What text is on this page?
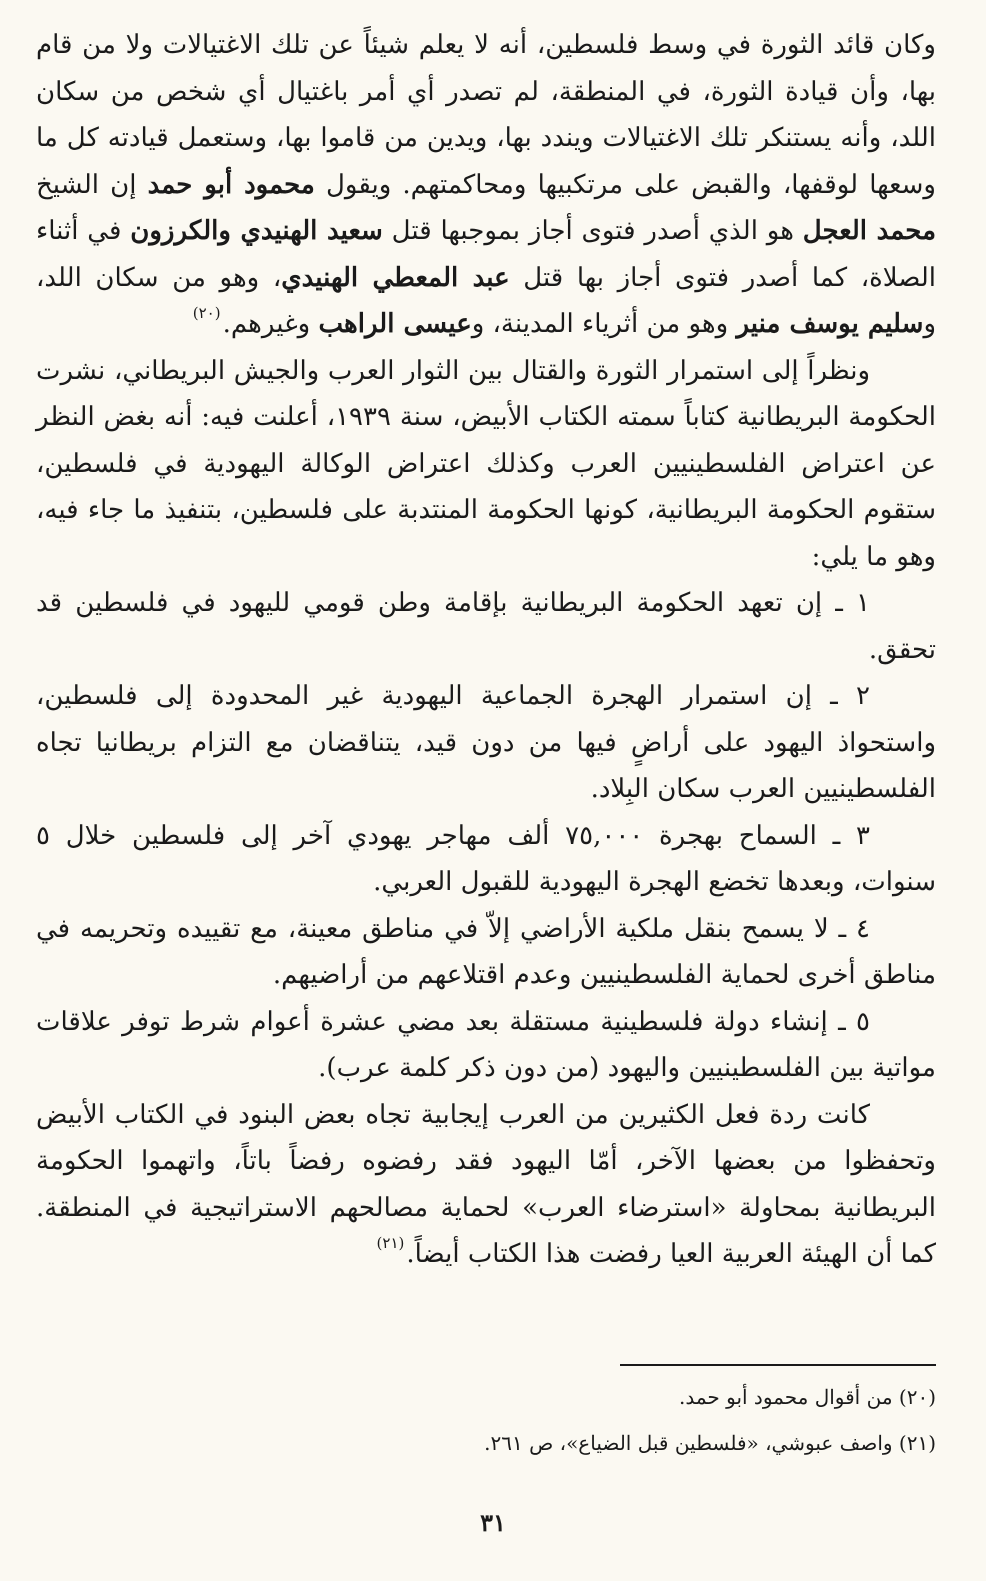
وكان قائد الثورة في وسط فلسطين، أنه لا يعلم شيئاً عن تلك الاغتيالات ولا من قام بها، وأن قيادة الثورة، في المنطقة، لم تصدر أي أمر باغتيال أي شخص من سكان اللد، وأنه يستنكر تلك الاغتيالات ويندد بها، ويدين من قاموا بها، وستعمل قيادته كل ما وسعها لوقفها، والقبض على مرتكبيها ومحاكمتهم. ويقول محمود أبو حمد إن الشيخ محمد العجل هو الذي أصدر فتوى أجاز بموجبها قتل سعيد الهنيدي والكرزون في أثناء الصلاة، كما أصدر فتوى أجاز بها قتل عبد المعطي الهنيدي، وهو من سكان اللد، وسليم يوسف منير وهو من أثرياء المدينة، وعيسى الراهب وغيرهم.$^{(٢٠)}$

ونظراً إلى استمرار الثورة والقتال بين الثوار العرب والجيش البريطاني، نشرت الحكومة البريطانية كتاباً سمته الكتاب الأبيض، سنة ١٩٣٩، أعلنت فيه: أنه بغض النظر عن اعتراض الفلسطينيين العرب وكذلك اعتراض الوكالة اليهودية في فلسطين، ستقوم الحكومة البريطانية، كونها الحكومة المنتدبة على فلسطين، بتنفيذ ما جاء فيه، وهو ما يلي:

١ ـ إن تعهد الحكومة البريطانية بإقامة وطن قومي لليهود في فلسطين قد تحقق.

٢ ـ إن استمرار الهجرة الجماعية اليهودية غير المحدودة إلى فلسطين، واستحواذ اليهود على أراضٍ فيها من دون قيد، يتناقضان مع التزام بريطانيا تجاه الفلسطينيين العرب سكان البِلاد.

٣ ـ السماح بهجرة ٧٥,٠٠٠ ألف مهاجر يهودي آخر إلى فلسطين خلال ٥ سنوات، وبعدها تخضع الهجرة اليهودية للقبول العربي.

٤ ـ لا يسمح بنقل ملكية الأراضي إلاّ في مناطق معينة، مع تقييده وتحريمه في مناطق أخرى لحماية الفلسطينيين وعدم اقتلاعهم من أراضيهم.

٥ ـ إنشاء دولة فلسطينية مستقلة بعد مضي عشرة أعوام شرط توفر علاقات مواتية بين الفلسطينيين واليهود (من دون ذكر كلمة عرب).

كانت ردة فعل الكثيرين من العرب إيجابية تجاه بعض البنود في الكتاب الأبيض وتحفظوا من بعضها الآخر، أمّا اليهود فقد رفضوه رفضاً باتاً، واتهموا الحكومة البريطانية بمحاولة «استرضاء العرب» لحماية مصالحهم الاستراتيجية في المنطقة. كما أن الهيئة العربية العيا رفضت هذا الكتاب أيضاً.$^{(٢١)}$

(٢٠) من أقوال محمود أبو حمد.

(٢١) واصف عبوشي، «فلسطين قبل الضياع»، ص ٢٦١.

٣١
